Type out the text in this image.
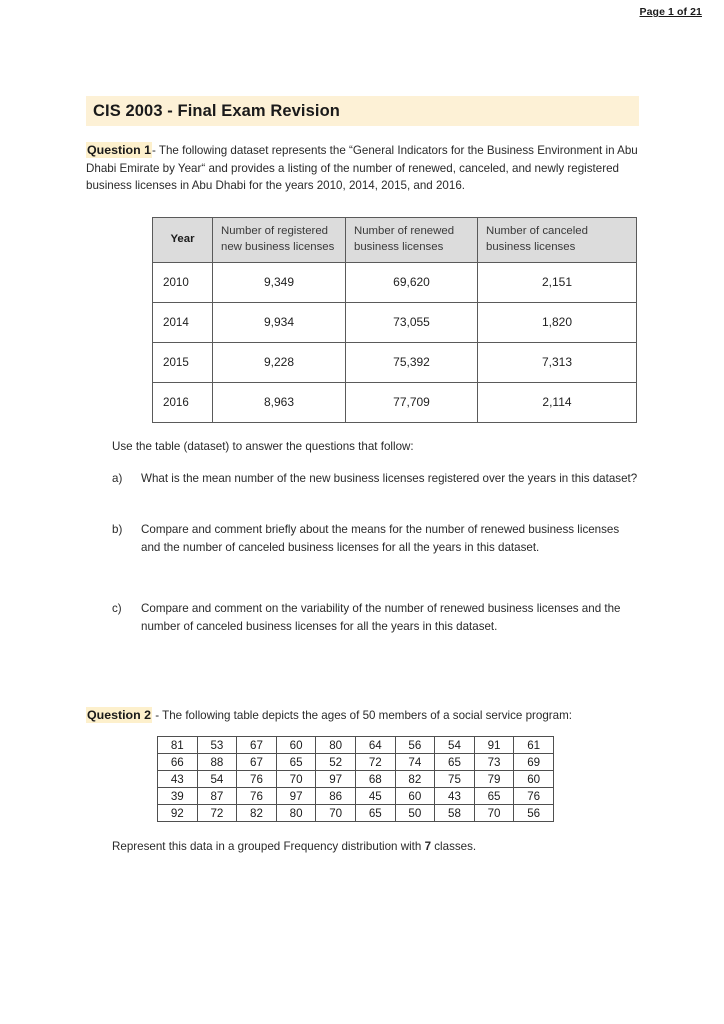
Page 1 of 21
CIS 2003 - Final Exam Revision

Question 1- The following dataset represents the “General Indicators for the Business Environment in Abu Dhabi Emirate by Year“ and provides a listing of the number of renewed, canceled, and newly registered business licenses in Abu Dhabi for the years 2010, 2014, 2015, and 2016.

Year	Number of registered new business licenses	Number of renewed business licenses	Number of canceled business licenses
2010	9,349	69,620	2,151
2014	9,934	73,055	1,820
2015	9,228	75,392	7,313
2016	8,963	77,709	2,114
Use the table (dataset) to answer the questions that follow:
a) What is the mean number of the new business licenses registered over the years in this dataset?
b) Compare and comment briefly about the means for the number of renewed business licenses and the number of canceled business licenses for all the years in this dataset.
c) Compare and comment on the variability of the number of renewed business licenses and the number of canceled business licenses for all the years in this dataset.

Question 2 - The following table depicts the ages of 50 members of a social service program:

81	53	67	60	80	64	56	54	91	61
66	88	67	65	52	72	74	65	73	69
43	54	76	70	97	68	82	75	79	60
39	87	76	97	86	45	60	43	65	76
92	72	82	80	70	65	50	58	70	56
Represent this data in a grouped Frequency distribution with 7 classes.
